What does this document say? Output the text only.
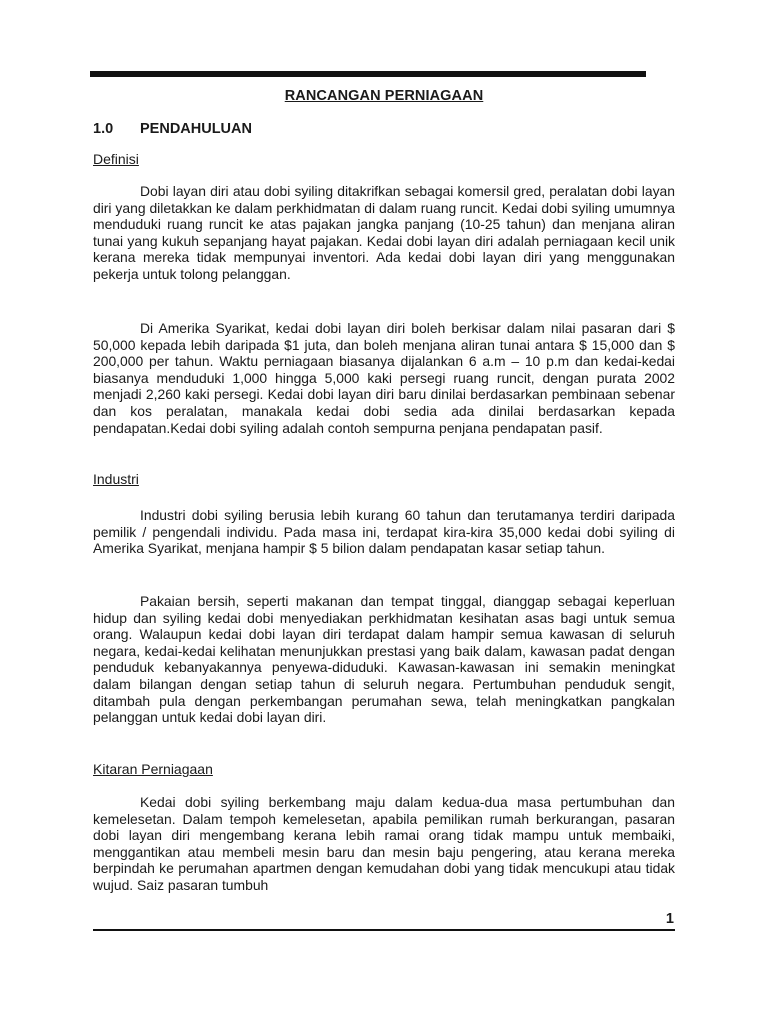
RANCANGAN PERNIAGAAN
1.0 PENDAHULUAN
Definisi

Dobi layan diri atau dobi syiling ditakrifkan sebagai komersil gred, peralatan dobi layan diri yang diletakkan ke dalam perkhidmatan di dalam ruang runcit. Kedai dobi syiling umumnya menduduki ruang runcit ke atas pajakan jangka panjang (10-25 tahun) dan menjana aliran tunai yang kukuh sepanjang hayat pajakan. Kedai dobi layan diri adalah perniagaan kecil unik kerana mereka tidak mempunyai inventori. Ada kedai dobi layan diri yang menggunakan pekerja untuk tolong pelanggan.

Di Amerika Syarikat, kedai dobi layan diri boleh berkisar dalam nilai pasaran dari $ 50,000 kepada lebih daripada $1 juta, dan boleh menjana aliran tunai antara $ 15,000 dan $ 200,000 per tahun. Waktu perniagaan biasanya dijalankan 6 a.m – 10 p.m dan kedai-kedai biasanya menduduki 1,000 hingga 5,000 kaki persegi ruang runcit, dengan purata 2002 menjadi 2,260 kaki persegi. Kedai dobi layan diri baru dinilai berdasarkan pembinaan sebenar dan kos peralatan, manakala kedai dobi sedia ada dinilai berdasarkan kepada pendapatan.Kedai dobi syiling adalah contoh sempurna penjana pendapatan pasif.

Industri

Industri dobi syiling berusia lebih kurang 60 tahun dan terutamanya terdiri daripada pemilik / pengendali individu. Pada masa ini, terdapat kira-kira 35,000 kedai dobi syiling di Amerika Syarikat, menjana hampir $ 5 bilion dalam pendapatan kasar setiap tahun.

Pakaian bersih, seperti makanan dan tempat tinggal, dianggap sebagai keperluan hidup dan syiling kedai dobi menyediakan perkhidmatan kesihatan asas bagi untuk semua orang. Walaupun kedai dobi layan diri terdapat dalam hampir semua kawasan di seluruh negara, kedai-kedai kelihatan menunjukkan prestasi yang baik dalam, kawasan padat dengan penduduk kebanyakannya penyewa-diduduki. Kawasan-kawasan ini semakin meningkat dalam bilangan dengan setiap tahun di seluruh negara. Pertumbuhan penduduk sengit, ditambah pula dengan perkembangan perumahan sewa, telah meningkatkan pangkalan pelanggan untuk kedai dobi layan diri.

Kitaran Perniagaan

Kedai dobi syiling berkembang maju dalam kedua-dua masa pertumbuhan dan kemelesetan. Dalam tempoh kemelesetan, apabila pemilikan rumah berkurangan, pasaran dobi layan diri mengembang kerana lebih ramai orang tidak mampu untuk membaiki, menggantikan atau membeli mesin baru dan mesin baju pengering, atau kerana mereka berpindah ke perumahan apartmen dengan kemudahan dobi yang tidak mencukupi atau tidak wujud. Saiz pasaran tumbuh

1
